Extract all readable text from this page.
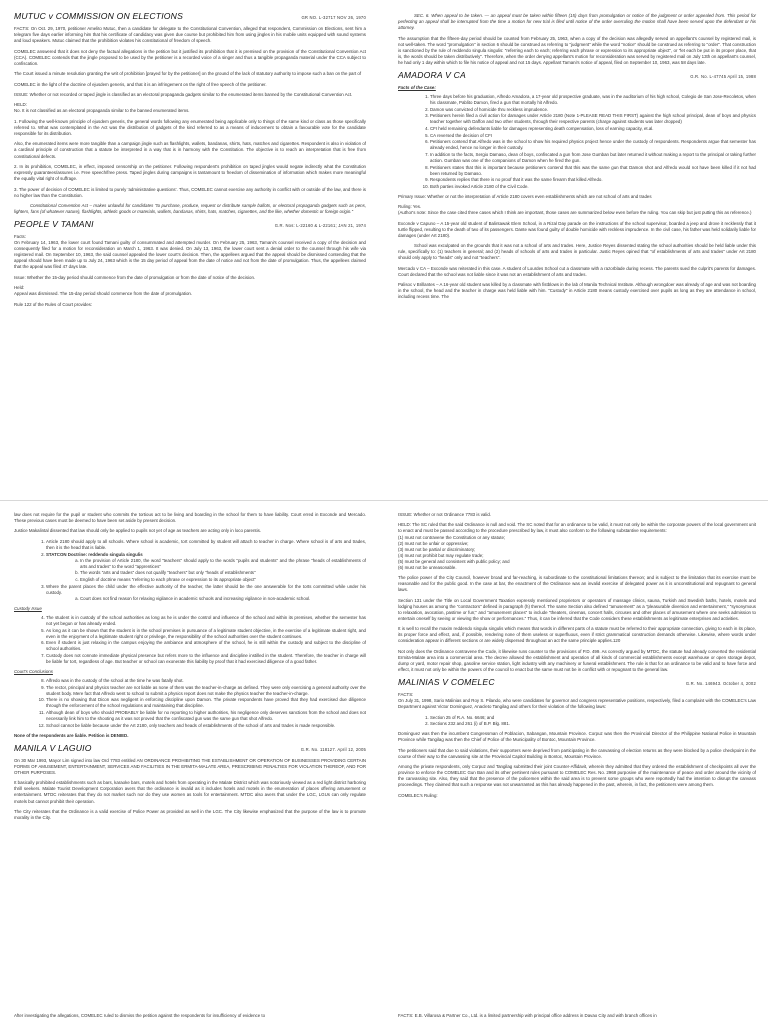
MUTUC v COMMISSION ON ELECTIONS	GR NO. L-32717 NOV 26, 1970

FACTS: On Oct. 29, 1970, petitioner Amelito Mutuc, then a candidate for delegate to the Constitutional Convention, alleged that respondent, Commission on Elections, sent him a telegram five days earlier informing him that his certificate of candidacy was given due course but prohibited him from using jingles in his mobile units equipped with sound systems and loud speakers. Mutuc claimed that the prohibition violates his constitutional of freedom of speech.

COMELEC answered that it does not deny the factual allegations in the petition but it justified its prohibition that it is premised on the provision of the Constitutional Convention Act (CCA). COMELEC contends that the jingle proposed to be used by the petitioner is a recorded voice of a singer and thus a tangible propaganda material under the CCA subject to confiscation.

The Court issued a minute resolution granting the writ of prohibition [prayed for by the petitioner] on the ground of the lack of statutory authority to impose such a ban on the part of

COMELEC in the light of the doctrine of ejusdem generis, and that it is an infringement on the right of free speech of the petitioner.

ISSUE: Whether or not recorded or taped jingle is classified as an electoral propaganda gadgets similar to the enumerated items banned by the Constitutional Convention Act.

HELD:
No. It is not classified as an electoral propaganda similar to the banned enumerated items.

1. Following the well-known principle of ejusdem generis, the general words following any enumerated being applicable only to things of the same kind or class as those specifically referred to. What was contemplated in the Act was the distribution of gadgets of the kind referred to as a means of inducement to obtain a favourable vote for the candidate responsible for its distribution.

Also, the enumerated items were more tangible than a campaign jingle such as flashlights, wallets, bandanas, shirts, hats, matches and cigarettes. Respondent is also in violation of a cardinal principle of construction that a statute be interpreted in a way that is in harmony with the Constitution. The objective is to reach an interpretation that is free from constitutional defects.

2. In its prohibition, COMELEC, in effect, imposed censorship on the petitioner. Following respondent's prohibition on taped jingles would negate indirectly what the Constitution expressly guarantees/assures i.e. Free speech/free press. Taped jingles during campaigns is tantamount to freedom of dissemination of information which makes more meaningful the equally vital right of suffrage.

3. The power of decision of COMELEC is limited to purely 'administrative questions'. Thus, COMELEC cannot exercise any authority in conflict with or outside of the law, and there is no higher law than the Constitution.

Constitutional Convention Act – makes unlawful for candidates "to purchase, produce, request or distribute sample ballots, or electoral propaganda gadgets such as pens, lighters, fans (of whatever nature), flashlights, athletic goods or materials, wallets, bandanas, shirts, hats, matches, cigarettes, and the like, whether domestic or foreign origin."

PEOPLE V TAMANI	G.R. Nos: L-22160 & L-22161; JAN 21, 1974

Facts:
On February 14, 1963, the lower court found Tamani guilty of consummated and attempted murder. On February 25, 1963, Tamani's counsel received a copy of the decision and consequently filed for a motion for reconsideration on March 1, 1963. It was denied. On July 13, 1963, the lower court sent a denial order to the counsel through his wife via registered mail. On September 10, 1963, the said counsel appealed the lower court's decision. Then, the appellees argued that the appeal should be dismissed contending that the appeal should have been made up to July 24, 1963 which is the 15 day period of appeal from the date of notice and not from the date of promulgation. Thus, the appellees claimed that the appeal was filed 47 days late.

Issue: Whether the 15-day period should commence from the date of promulgation or from the date of notice of the decision.

Held:
Appeal was dismissed. The 15-day period should commence from the date of promulgation.

Rule 122 of the Rules of Court provides:

SEC. 6. When appeal to be taken. — an appeal must be taken within fifteen (15) days from promulgation or notice of the judgment or order appealed from. This period for perfecting an appeal shall be interrupted from the time a motion for new trial is filed until notice of the order overruling the motion shall have been served upon the defendant or his attorney.

The assumption that the fifteen-day period should be counted from February 25, 1963, when a copy of the decision was allegedly served on appellant's counsel by registered mail, is not well-taken. The word "promulgation" in section 6 should be construed as referring to "judgment" while the word "notice" should be construed as referring to "order". That construction is sanctioned by the rule of reddendo singula singulis: "referring each to each; referring each phrase or expression to its appropriate object", or "let each be put in its proper place, that is, the words should be taken distributively". Therefore, when the order denying appellant's motion for reconsideration was served by registered mail on July 13th on appellant's counsel, he had only 1 day within which to file his notice of appeal and not 15 days. Appellant Tamani's notice of appeal, filed on September 10, 1963, was 58 days late.

AMADORA V CA	G.R. No. L-47745 April 15, 1988
Facts of the Case:
1. Three days before his graduation, Alfredo Amadora, a 17-year old prospective graduate, was in the auditorium of his high school, Colegio de San Jose-Recoletos, when his classmate, Pablito Damon, fired a gun that mortally hit Alfredo.
2. Damon was convicted of homicide thru reckless imprudence.
3. Petitioners herein filed a civil action for damages under Article 2180 (Note 1-PLEASE READ THIS FIRST) against the high school principal, dean of boys and physics teacher together with Daffon and two other students, through their respective parents (charge against students was later dropped)
4. CFI held remaining defendants liable for damages representing death compensation, loss of earning capacity, et.al.
5. CA reversed the decision of CFI
6. Petitioners contend that Alfredo was in the school to show his required physics project hence under the custody of respondents. Respondents argue that semester has already ended, hence no longer in their custody.
7. In addition to the facts, Sergio Damaso, dean of boys, confiscated a gun from Jose Gumban but later returned it without making a report to the principal or taking further action. Gumban was one of the companions of Damon when he fired the gun.
8. Petitioners states that this is important because petitioners contend that this was the same gun that Damon shot and Alfredo would not have been killed if it not had been returned by Damaso.
9. Respondents replies that there is no proof that it was the same firearm that killed Alfredo.
10. Both parties invoked Article 2180 of the Civil Code.

Primary Issue: Whether or not the interpretation of Article 2180 covers even establishments which are not school of arts and trades

Ruling: Yes.
(Author's note: Since the case cited three cases which I think are important, those cases are summarized below even before the ruling. You can skip but just putting this as reference.)

Exconde v Capuno – A 15-year old student of Balintawak Elem School, in a Rizal Day parade on the instructions of the school supervisor, boarded a jeep and drove it recklessly that it turtle flipped, resulting to the death of two of its passengers. Dante was found guilty of double homicide with reckless imprudence. In the civil case, his father was held solidarily liable for damages (under Art 2180).

School was exculpated on the grounds that it was not a school of arts and trades. Here, Justice Reyes dissented stating the school authorities should be held liable under this rule, specifically to: (1) teachers in general; and (2) heads of schools of arts and trades in particular. Justic Reyes opined that "of establishments of arts and trades" under Art 2180 should only apply to "heads" only and not "teachers".

Mercado v CA – Exconde was reiterated in this case. A student of Lourdes School cut a classmate with a razorblade during recess. The parents sued the culprit's parents for damages. Court declared that the school was not liable since it was not an establishment of arts and trades.

Palisoc v Brillantes – A 16-year old student was killed by a classmate with fistblows in the lab of Manila Technical Institute. Although wrongdoer was already of age and was not boarding in the school, the head and the teacher in charge was held liable with him. "Custody" in Article 2180 means custody exercised over pupils as long as they are attendance in school, including recess time. The

law does not require for the pupil or student who commits the tortious act to be living and boarding in the school for them to have liability. Court erred in Exconde and Mercado. These previous cases must be deemed to have been set aside by present decision.

Justice Makalintal dissented that law should only be applied to pupils not yet of age as teachers are acting only in loco parentis.

1. Article 2180 should apply to all schools. Where school is academic, tort committed by student will attach to teacher in charge. Where school is of arts and trades, then it is the head that is liable.
2. STATCON Doctrine: reddendo singula singulis
a. In the provision of Article 2180, the word "teachers" should apply to the words "pupils and students" and the phrase "heads of establishments of arts and trades" to the word "apprentices"
b. The words "arts and trades" does not qualify "teachers" but only "heads of establishments"
c. English of doctrine means "referring to each phrase or expression to its appropriate object"
3. Where the parent places the child under the effective authority of the teacher, the latter should be the one answerable for the torts committed while under his custody.
a. Court does not find reason for relaxing vigilance in academic schools and increasing vigilance in non-academic school.
Custody Issue
4. The student is in custody of the school authorities as long as he is under the control and influence of the school and within its premises, whether the semester has not yet begun or has already ended.
5. As long as it can be shown that the student is in the school premises in pursuance of a legitimate student objective, in the exercise of a legitimate student right, and even in the enjoyment of a legitimate student right or privilege, the responsibility of the school authorities over the student continues.
6. Even if student is just relaxing in the campus enjoying the ambiance and atmosphere of the school, he is still within the custody and subject to the discipline of school authorities.
7. Custody does not connote immediate physical presence but refers more to the influence and discipline instilled in the student. Therefore, the teacher in charge will be liable for tort, regardless of age. But teacher or school can exonerate this liability by proof that it had exercised diligence of a good father.
Court's Conclusions
8. Alfredo was in the custody of the school at the time he was fatally shot.
9. The rector, principal and physics teacher are not liable as none of them was the teacher-in-charge as defined. They were only exercising a general authority over the student body. Mere fact that Alfredo went to school to submit a physics report does not make the physics teacher the teacher-in-charge.
10. There is no showing that Dicon was negligent in enforcing discipline upon Damon. The private respondents have proved that they had exercised due diligence through the enforcement of the school regulations and maintaining that discipline.
11. Although dean of boys who should PROBABLY be liable for no reporting to higher authorities, his negligence only deserves sanctions from the school and does not necessarily link him to the shooting as it was not proved that the confiscated gun was the same gun that shot Alfredo.
12. School cannot be liable because under the Art 2180, only teachers and heads of establishments of the school of arts and trades is made responsible.

None of the respondents are liable. Petition is DENIED.

MANILA V LAGUIO	G.R. No. 118127. April 12, 2005

On 30 Mar 1993, Mayor Lim signed into law Ord 7783 entitled AN ORDINANCE PROHIBITING THE ESTABLISHMENT OR OPERATION OF BUSINESSES PROVIDING CERTAIN FORMS OF AMUSEMENT, ENTERTAINMENT, SERVICES AND FACILITIES IN THE ERMITA-MALATE AREA, PRESCRIBING PENALTIES FOR VIOLATION THEREOF, AND FOR OTHER PURPOSES.

It basically prohibited establishments such as bars, karaoke bars, motels and hotels from operating in the Malate District which was notoriously viewed as a red light district harboring thrill seekers. Malate Tourist Development Corporation avers that the ordinance is invalid as it includes hotels and motels in the enumeration of places offering amusement or entertainment. MTDC reiterates that they do not market such nor do they use women as tools for entertainment. MTDC also avers that under the LGC, LGUs can only regulate motels but cannot prohibit their operation.

The City reiterates that the Ordinance is a valid exercise of Police Power as provided as well in the LGC. The City likewise emphasized that the purpose of the law is to promote morality in the City.

ISSUE: Whether or not Ordinance 7783 is valid.

HELD: The SC ruled that the said Ordinance is null and void. The SC noted that for an ordinance to be valid, it must not only be within the corporate powers of the local government unit to enact and must be passed according to the procedure prescribed by law, it must also conform to the following substantive requirements:
(1) must not contravene the Constitution or any statute;
(2) must not be unfair or oppressive;
(3) must not be partial or discriminatory;
(4) must not prohibit but may regulate trade;
(5) must be general and consistent with public policy; and
(6) must not be unreasonable.

The police power of the City Council, however broad and far-reaching, is subordinate to the constitutional limitations thereon; and is subject to the limitation that its exercise must be reasonable and for the public good. In the case at bar, the enactment of the Ordinance was an invalid exercise of delegated power as it is unconstitutional and repugnant to general laws.

Section 131 under the Title on Local Government Taxation expressly mentioned proprietors or operators of massage clinics, sauna, Turkish and Swedish baths, hotels, motels and lodging houses as among the "contractors" defined in paragraph (h) thereof. The same Section also defined "amusement" as a "pleasurable diversion and entertainment," "synonymous to relaxation, avocation, pastime or fun;" and "amusement places" to include "theaters, cinemas, concert halls, circuses and other places of amusement where one seeks admission to entertain oneself by seeing or viewing the show or performances." Thus, it can be inferred that the Code considers these establishments as legitimate enterprises and activities.

It is well to recall the maxim reddendo singula singulis which means that words in different parts of a statute must be referred to their appropriate connection, giving to each in its place, its proper force and effect, and, if possible, rendering none of them useless or superfluous, even if strict grammatical construction demands otherwise. Likewise, where words under consideration appear in different sections or are widely dispersed throughout an act the same principle applies.120

Not only does the Ordinance contravene the Code, it likewise runs counter to the provisions of P.D. 499. As correctly argued by MTDC, the statute had already converted the residential Ermita-Malate area into a commercial area. The decree allowed the establishment and operation of all kinds of commercial establishments except warehouse or open storage depot, dump or yard, motor repair shop, gasoline service station, light industry with any machinery or funeral establishment. The rule is that for an ordinance to be valid and to have force and effect, it must not only be within the powers of the council to enact but the same must not be in conflict with or repugnant to the general law.

MALINIAS V COMELEC	G.R. No. 146943. October 4, 2002

FACTS:
On July 31, 1998, Sario Malinias and Roy S. Pilando, who were candidates for governor and congress representative positions, respectively, filed a complaint with the COMELEC's Law Department against Victor Dominguez, Anacleto Tangilag and others for their violation of the following laws:

1. Section 25 of R.A. No. 6646; and
2. Sections 232 and 261 (i) of B.P. Blg. 881.

Dominguez was then the incumbent Congressman of Poblacion, Sabangan, Mountain Province. Corpuz was then the Provincial Director of the Philippine National Police in Mountain Province while Tangilag was then the Chief of Police of the Municipality of Bontoc, Mountain Province.

The petitioners said that due to said violations, their supporters were deprived from participating in the canvassing of election returns as they were blocked by a police checkpoint in the course of their way to the canvassing site at the Provincial Capitol Building in Bontoc, Mountain Province.

Among the private respondents, only Corpuz and Tangilag submitted their joint Counter-Affidavit, wherein they admitted that they ordered the establishment of checkpoints all over the province to enforce the COMELEC Gun Ban and its other pertinent rules pursuant to COMELEC Res. No. 2968 purposive of the maintenance of peace and order around the vicinity of the canvassing site. Also, they said that the presence of the policemen within the said area is to prevent some groups who were reportedly had the intention to disrupt the canvass proceedings. They claimed that such a response was not unwarranted as this has already happened in the past, wherein, in fact, the petitioners were among them.

COMELEC's Ruling:

After investigating the allegations, COMELEC ruled to dismiss the petition against the respondents for insufficiency of evidence to	FACTS: E.B. Villarosa & Partner Co., Ltd. is a limited partnership with principal office address in Davao City and with branch offices in
